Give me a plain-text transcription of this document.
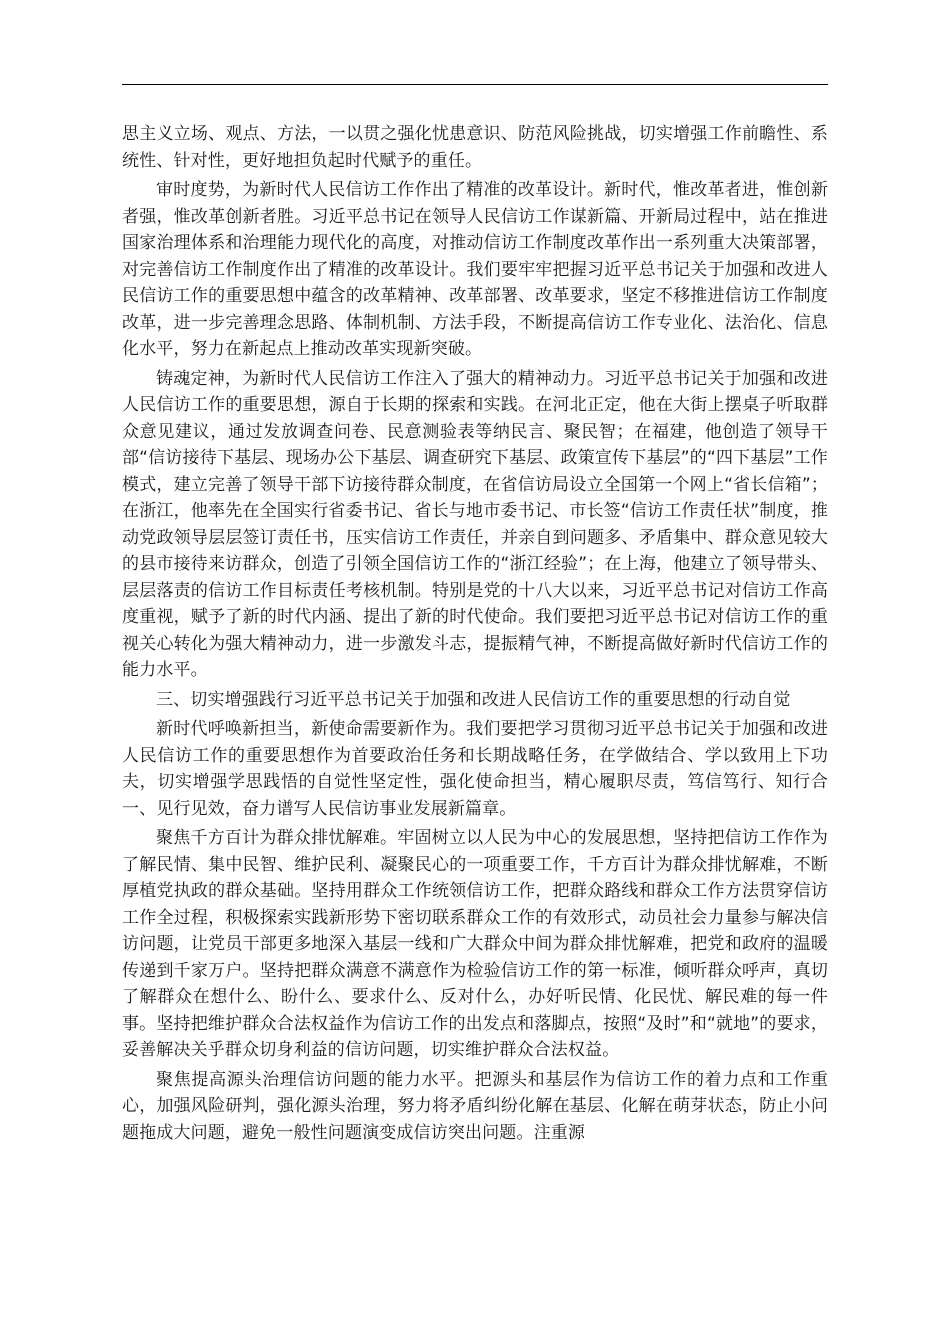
思主义立场、观点、方法，一以贯之强化忧患意识、防范风险挑战，切实增强工作前瞻性、系统性、针对性，更好地担负起时代赋予的重任。

审时度势，为新时代人民信访工作作出了精准的改革设计。新时代，惟改革者进，惟创新者强，惟改革创新者胜。习近平总书记在领导人民信访工作谋新篇、开新局过程中，站在推进国家治理体系和治理能力现代化的高度，对推动信访工作制度改革作出一系列重大决策部署，对完善信访工作制度作出了精准的改革设计。我们要牢牢把握习近平总书记关于加强和改进人民信访工作的重要思想中蕴含的改革精神、改革部署、改革要求，坚定不移推进信访工作制度改革，进一步完善理念思路、体制机制、方法手段，不断提高信访工作专业化、法治化、信息化水平，努力在新起点上推动改革实现新突破。

铸魂定神，为新时代人民信访工作注入了强大的精神动力。习近平总书记关于加强和改进人民信访工作的重要思想，源自于长期的探索和实践。在河北正定，他在大街上摆桌子听取群众意见建议，通过发放调查问卷、民意测验表等纳民言、聚民智；在福建，他创造了领导干部“信访接待下基层、现场办公下基层、调查研究下基层、政策宣传下基层”的“四下基层”工作模式，建立完善了领导干部下访接待群众制度，在省信访局设立全国第一个网上“省长信箱”；在浙江，他率先在全国实行省委书记、省长与地市委书记、市长签“信访工作责任状”制度，推动党政领导层层签订责任书，压实信访工作责任，并亲自到问题多、矛盾集中、群众意见较大的县市接待来访群众，创造了引领全国信访工作的“浙江经验”；在上海，他建立了领导带头、层层落责的信访工作目标责任考核机制。特别是党的十八大以来，习近平总书记对信访工作高度重视，赋予了新的时代内涵、提出了新的时代使命。我们要把习近平总书记对信访工作的重视关心转化为强大精神动力，进一步激发斗志，提振精气神，不断提高做好新时代信访工作的能力水平。

三、切实增强践行习近平总书记关于加强和改进人民信访工作的重要思想的行动自觉

新时代呼唤新担当，新使命需要新作为。我们要把学习贯彻习近平总书记关于加强和改进人民信访工作的重要思想作为首要政治任务和长期战略任务，在学做结合、学以致用上下功夫，切实增强学思践悟的自觉性坚定性，强化使命担当，精心履职尽责，笃信笃行、知行合一、见行见效，奋力谱写人民信访事业发展新篇章。

聚焦千方百计为群众排忧解难。牢固树立以人民为中心的发展思想，坚持把信访工作作为了解民情、集中民智、维护民利、凝聚民心的一项重要工作，千方百计为群众排忧解难，不断厚植党执政的群众基础。坚持用群众工作统领信访工作，把群众路线和群众工作方法贯穿信访工作全过程，积极探索实践新形势下密切联系群众工作的有效形式，动员社会力量参与解决信访问题，让党员干部更多地深入基层一线和广大群众中间为群众排忧解难，把党和政府的温暖传递到千家万户。坚持把群众满意不满意作为检验信访工作的第一标准，倾听群众呼声，真切了解群众在想什么、盼什么、要求什么、反对什么，办好听民情、化民忧、解民难的每一件事。坚持把维护群众合法权益作为信访工作的出发点和落脚点，按照“及时”和“就地”的要求，妥善解决关乎群众切身利益的信访问题，切实维护群众合法权益。

聚焦提高源头治理信访问题的能力水平。把源头和基层作为信访工作的着力点和工作重心，加强风险研判，强化源头治理，努力将矛盾纠纷化解在基层、化解在萌芽状态，防止小问题拖成大问题，避免一般性问题演变成信访突出问题。注重源
